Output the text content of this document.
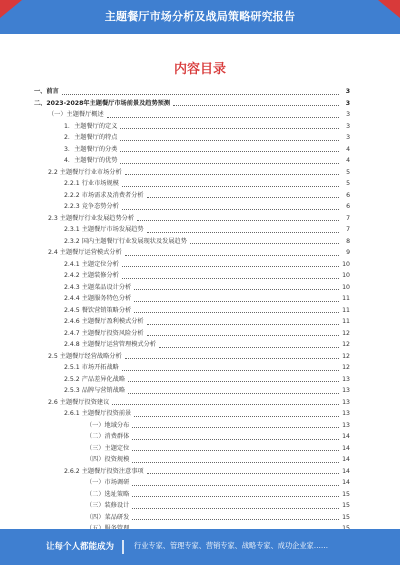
主题餐厅市场分析及战局策略研究报告
内容目录
一、前言	3
二、2023-2028年主题餐厅市场前景及趋势预测	3
（一）主题餐厅概述	3
1．主题餐厅的定义	3
2．主题餐厅的特点	3
3．主题餐厅的分类	4
4．主题餐厅的优势	4
2.2 主题餐厅行业市场分析	5
2.2.1 行业市场规模	5
2.2.2 市场需求及消费者分析	6
2.2.3 竞争态势分析	6
2.3 主题餐厅行业发展趋势分析	7
2.3.1 主题餐厅市场发展趋势	7
2.3.2 国内主题餐厅行业发展现状及发展趋势	8
2.4 主题餐厅运营模式分析	9
2.4.1 主题定位分析	10
2.4.2 主题装修分析	10
2.4.3 主题菜品设计分析	10
2.4.4 主题服务特色分析	11
2.4.5 餐饮营销策略分析	11
2.4.6 主题餐厅盈利模式分析	11
2.4.7 主题餐厅投资风险分析	12
2.4.8 主题餐厅运营管理模式分析	12
2.5 主题餐厅经营战略分析	12
2.5.1 市场开拓战略	12
2.5.2 产品差异化战略	13
2.5.3 品牌与营销战略	13
2.6 主题餐厅投资建议	13
2.6.1 主题餐厅投资前景	13
（一）地域分布	13
（二）消费群体	14
（三）主题定位	14
（四）投资规模	14
2.6.2 主题餐厅投资注意事项	14
（一）市场调研	14
（二）选址策略	15
（三）装修设计	15
（四）菜品研发	15
让每个人都能成为	行业专家、管理专家、营销专家、战略专家、成功企业家……
